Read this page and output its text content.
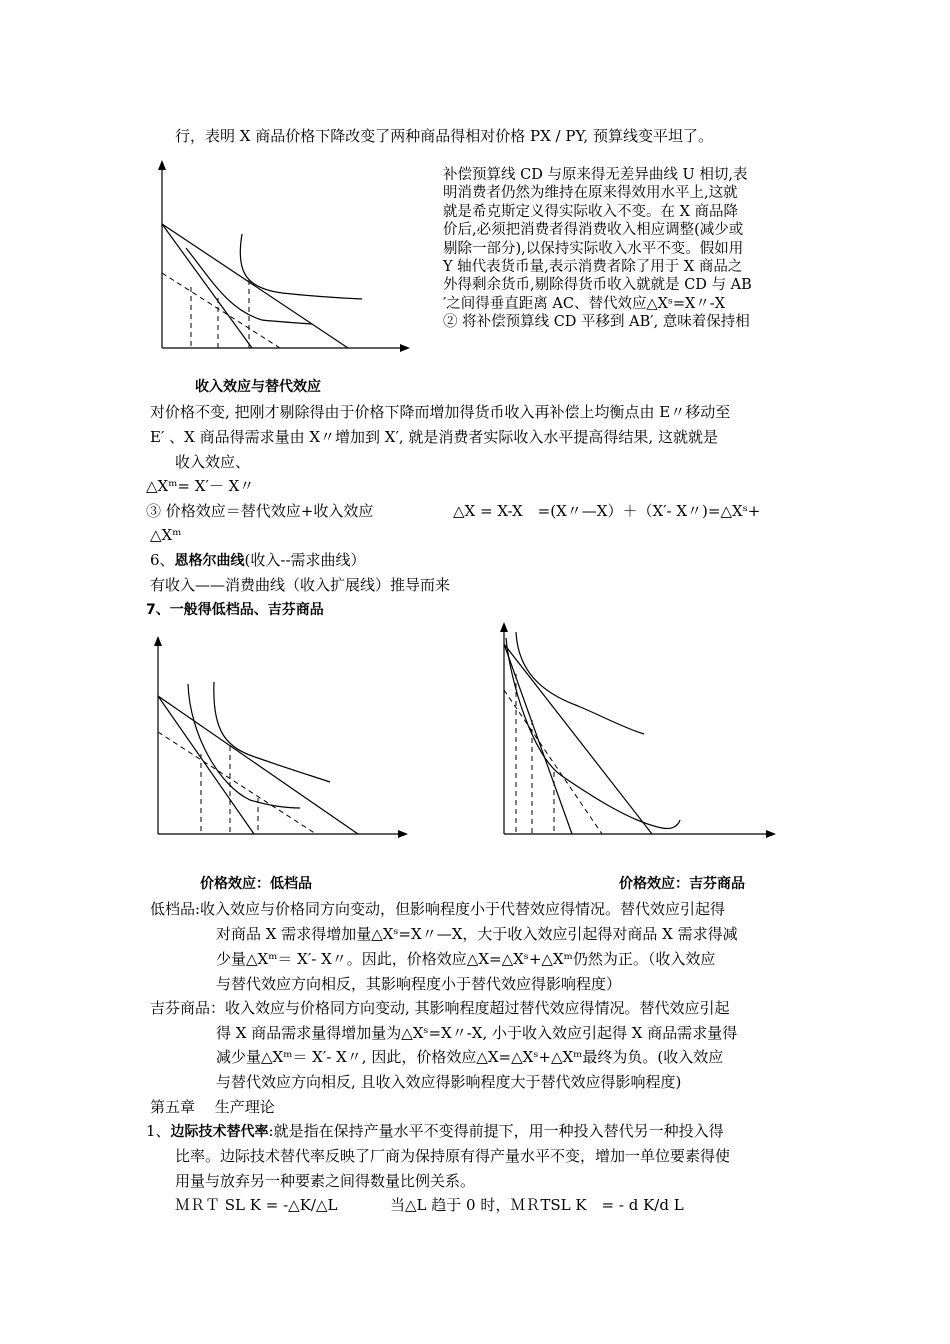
行，表明 X 商品价格下降改变了两种商品得相对价格 PX / PY, 预算线变平坦了。
补偿预算线 CD 与原来得无差异曲线 U 相切,表
明消费者仍然为维持在原来得效用水平上,这就
就是希克斯定义得实际收入不变。在 X 商品降
价后,必须把消费者得消费收入相应调整(减少或
剔除一部分),以保持实际收入水平不变。假如用
Y 轴代表货币量,表示消费者除了用于 X 商品之
外得剩余货币,剔除得货币收入就就是 CD 与 AB
′之间得垂直距离 AC、替代效应△Xˢ=X〃-X
② 将补偿预算线 CD 平移到 AB′, 意味着保持相
收入效应与替代效应
对价格不变, 把刚才剔除得由于价格下降而增加得货币收入再补偿上均衡点由 E〃移动至
E′ 、X 商品得需求量由 X〃增加到 X′, 就是消费者实际收入水平提高得结果, 这就就是
收入效应、
△Xᵐ= X′－ X〃
③ 价格效应＝替代效应+收入效应	△X = X-X　=(X〃—X）＋（X′- X〃)=△Xˢ+
△Xᵐ
6、恩格尔曲线(收入--需求曲线）
有收入——消费曲线（收入扩展线）推导而来
7、一般得低档品、吉芬商品
价格效应：低档品	价格效应：吉芬商品
低档品:收入效应与价格同方向变动，但影响程度小于代替效应得情况。替代效应引起得
对商品 X 需求得增加量△Xˢ=X〃—X，大于收入效应引起得对商品 X 需求得减
少量△Xᵐ＝ X′- X〃。因此，价格效应△X=△Xˢ+△Xᵐ仍然为正。（收入效应
与替代效应方向相反，其影响程度小于替代效应得影响程度）
吉芬商品：收入效应与价格同方向变动, 其影响程度超过替代效应得情况。替代效应引起
得 X 商品需求量得增加量为△Xˢ=X〃-X, 小于收入效应引起得 X 商品需求量得
减少量△Xᵐ＝ X′- X〃, 因此，价格效应△X=△Xˢ+△Xᵐ最终为负。(收入效应
与替代效应方向相反, 且收入效应得影响程度大于替代效应得影响程度)
第五章　 生产理论
1、边际技术替代率:就是指在保持产量水平不变得前提下，用一种投入替代另一种投入得
比率。边际技术替代率反映了厂商为保持原有得产量水平不变，增加一单位要素得使
用量与放弃另一种要素之间得数量比例关系。
ＭＲＴ SL K = -△K/△L	当△L 趋于 0 时，ＭＲTSL K　= - d K/d L
